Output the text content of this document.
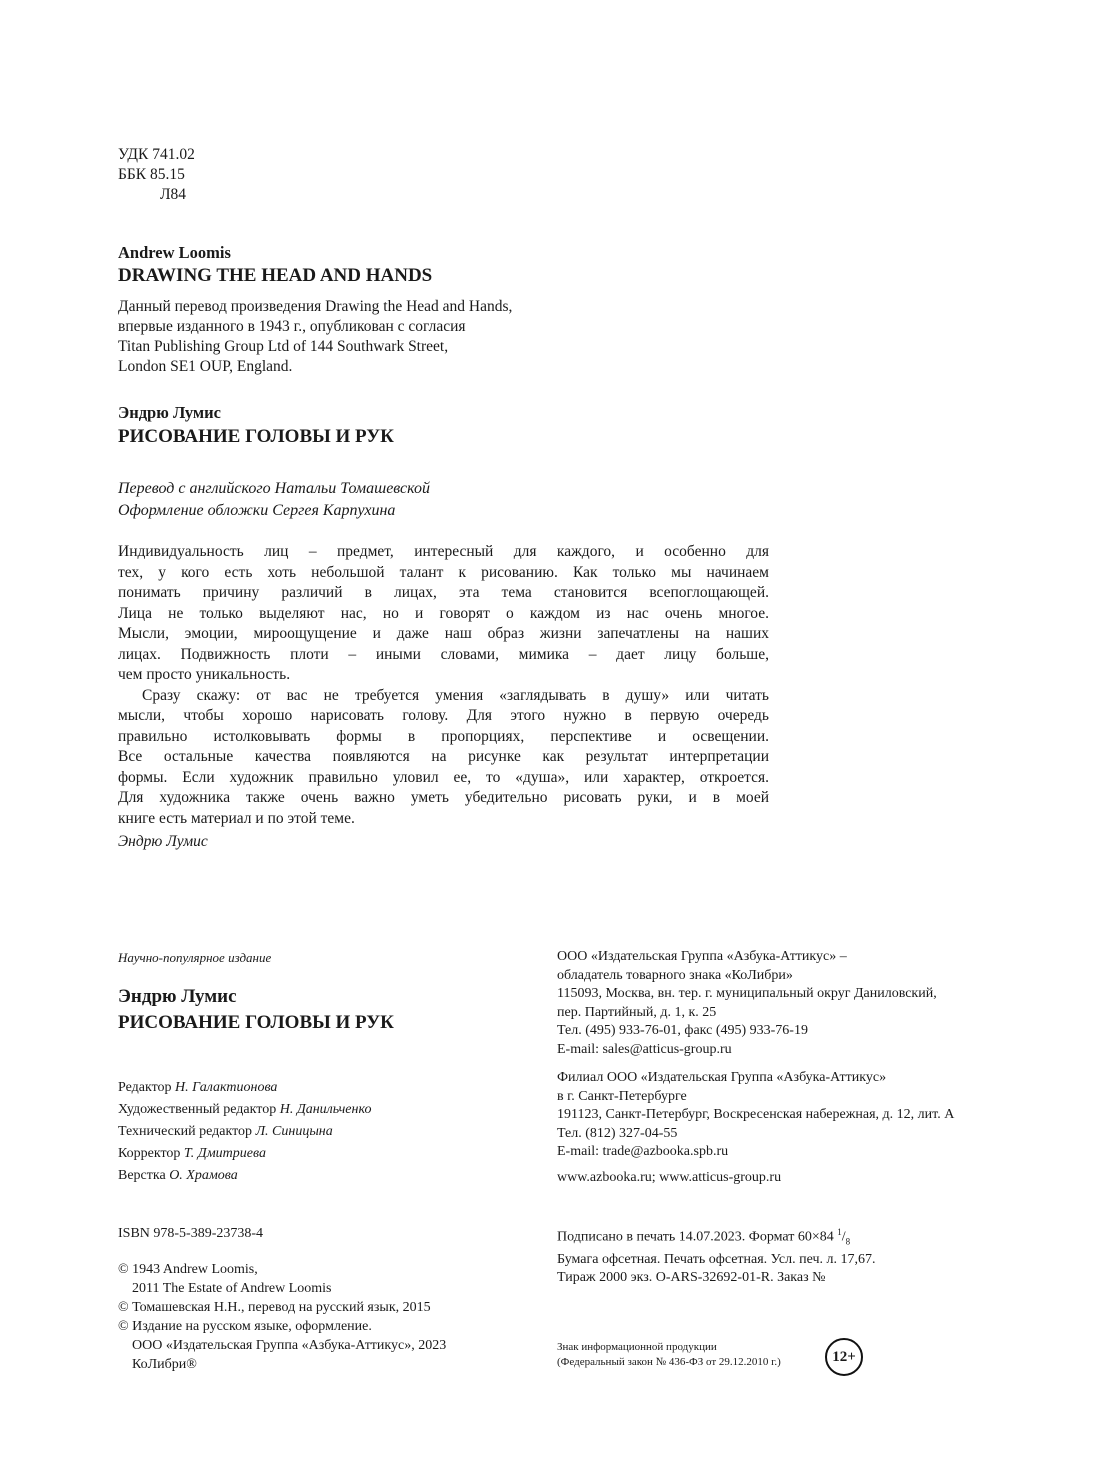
УДК 741.02
ББК 85.15
Л84
Andrew Loomis
DRAWING THE HEAD AND HANDS
Данный перевод произведения Drawing the Head and Hands,
впервые изданного в 1943 г., опубликован с согласия
Titan Publishing Group Ltd of 144 Southwark Street,
London SE1 OUP, England.
Эндрю Лумис
РИСОВАНИЕ ГОЛОВЫ И РУК
Перевод с английского Натальи Томашевской
Оформление обложки Сергея Карпухина
Индивидуальность лиц – предмет, интересный для каждого, и особенно для
тех, у кого есть хоть небольшой талант к рисованию. Как только мы начинаем
понимать причину различий в лицах, эта тема становится всепоглощающей.
Лица не только выделяют нас, но и говорят о каждом из нас очень многое.
Мысли, эмоции, мироощущение и даже наш образ жизни запечатлены на наших
лицах. Подвижность плоти – иными словами, мимика – дает лицу больше,
чем просто уникальность.
Сразу скажу: от вас не требуется умения «заглядывать в душу» или читать
мысли, чтобы хорошо нарисовать голову. Для этого нужно в первую очередь
правильно истолковывать формы в пропорциях, перспективе и освещении.
Все остальные качества появляются на рисунке как результат интерпретации
формы. Если художник правильно уловил ее, то «душа», или характер, откроется.
Для художника также очень важно уметь убедительно рисовать руки, и в моей
книге есть материал и по этой теме.
Эндрю Лумис
Научно-популярное издание
Эндрю Лумис
РИСОВАНИЕ ГОЛОВЫ И РУК
Редактор Н. Галактионова
Художественный редактор Н. Данильченко
Технический редактор Л. Синицына
Корректор Т. Дмитриева
Верстка О. Храмова
ISBN 978-5-389-23738-4
© 1943 Andrew Loomis,
2011 The Estate of Andrew Loomis
© Томашевская Н.Н., перевод на русский язык, 2015
© Издание на русском языке, оформление.
ООО «Издательская Группа «Азбука-Аттикус», 2023
КоЛибри®
ООО «Издательская Группа «Азбука-Аттикус» –
обладатель товарного знака «КоЛибри»
115093, Москва, вн. тер. г. муниципальный округ Даниловский,
пер. Партийный, д. 1, к. 25
Тел. (495) 933-76-01, факс (495) 933-76-19
E-mail: sales@atticus-group.ru
Филиал ООО «Издательская Группа «Азбука-Аттикус»
в г. Санкт-Петербурге
191123, Санкт-Петербург, Воскресенская набережная, д. 12, лит. А
Тел. (812) 327-04-55
E-mail: trade@azbooka.spb.ru
www.azbooka.ru; www.atticus-group.ru
Подписано в печать 14.07.2023. Формат 60×84 $^1/_8$
Бумага офсетная. Печать офсетная. Усл. печ. л. 17,67.
Тираж 2000 экз. O-ARS-32692-01-R. Заказ №
Знак информационной продукции
(Федеральный закон № 436-ФЗ от 29.12.2010 г.)	12+
